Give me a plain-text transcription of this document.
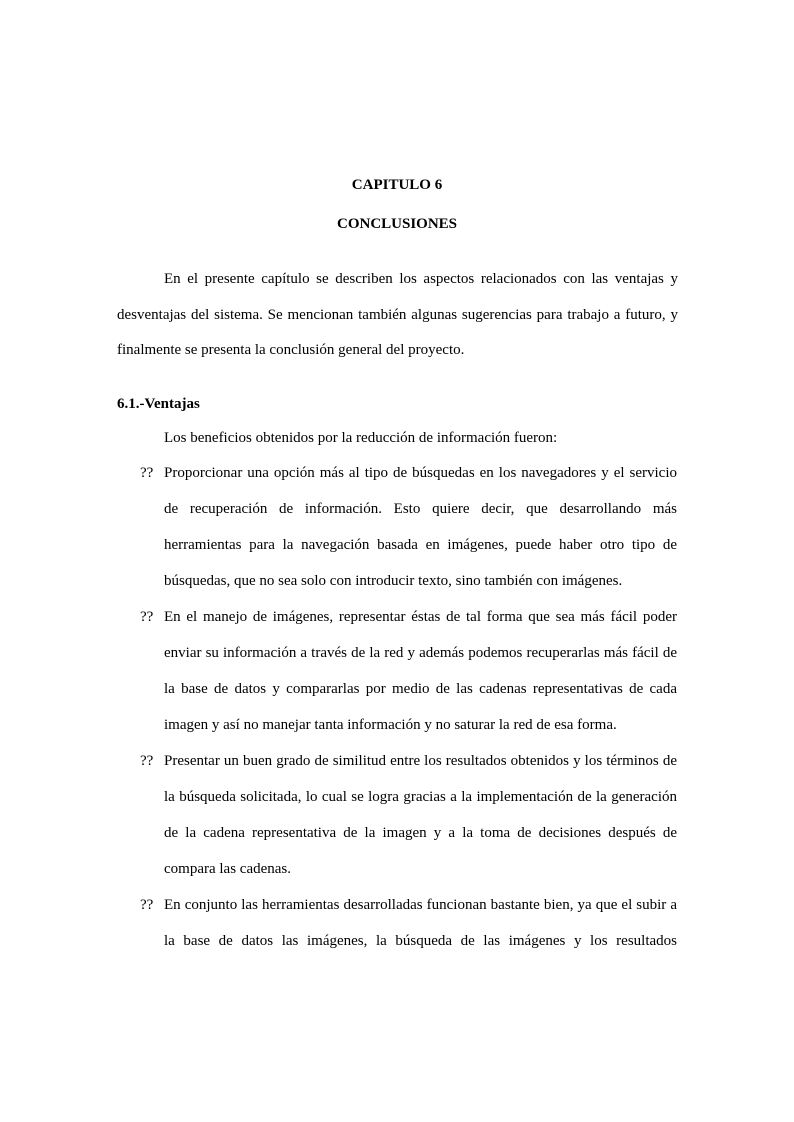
CAPITULO 6
CONCLUSIONES

En el presente capítulo se describen los aspectos relacionados con las ventajas y desventajas del sistema. Se mencionan también algunas sugerencias para trabajo a futuro, y finalmente se presenta la conclusión general del proyecto.

6.1.-Ventajas

Los beneficios obtenidos por la reducción de información fueron:

?? Proporcionar una opción más al tipo de búsquedas en los navegadores y el servicio de recuperación de información. Esto quiere decir, que desarrollando más herramientas para la navegación basada en imágenes, puede haber otro tipo de búsquedas, que no sea solo con introducir texto, sino también con imágenes.

?? En el manejo de imágenes, representar éstas de tal forma que sea más fácil poder enviar su información a través de la red y además podemos recuperarlas más fácil de la base de datos y compararlas por medio de las cadenas representativas de cada imagen y así no manejar tanta información y no saturar la red de esa forma.

?? Presentar un buen grado de similitud entre los resultados obtenidos y los términos de la búsqueda solicitada, lo cual se logra gracias a la implementación de la generación de la cadena representativa de la imagen y a la toma de decisiones después de compara las cadenas.

?? En conjunto las herramientas desarrolladas funcionan bastante bien, ya que el subir a la base de datos las imágenes, la búsqueda de las imágenes y los resultados
